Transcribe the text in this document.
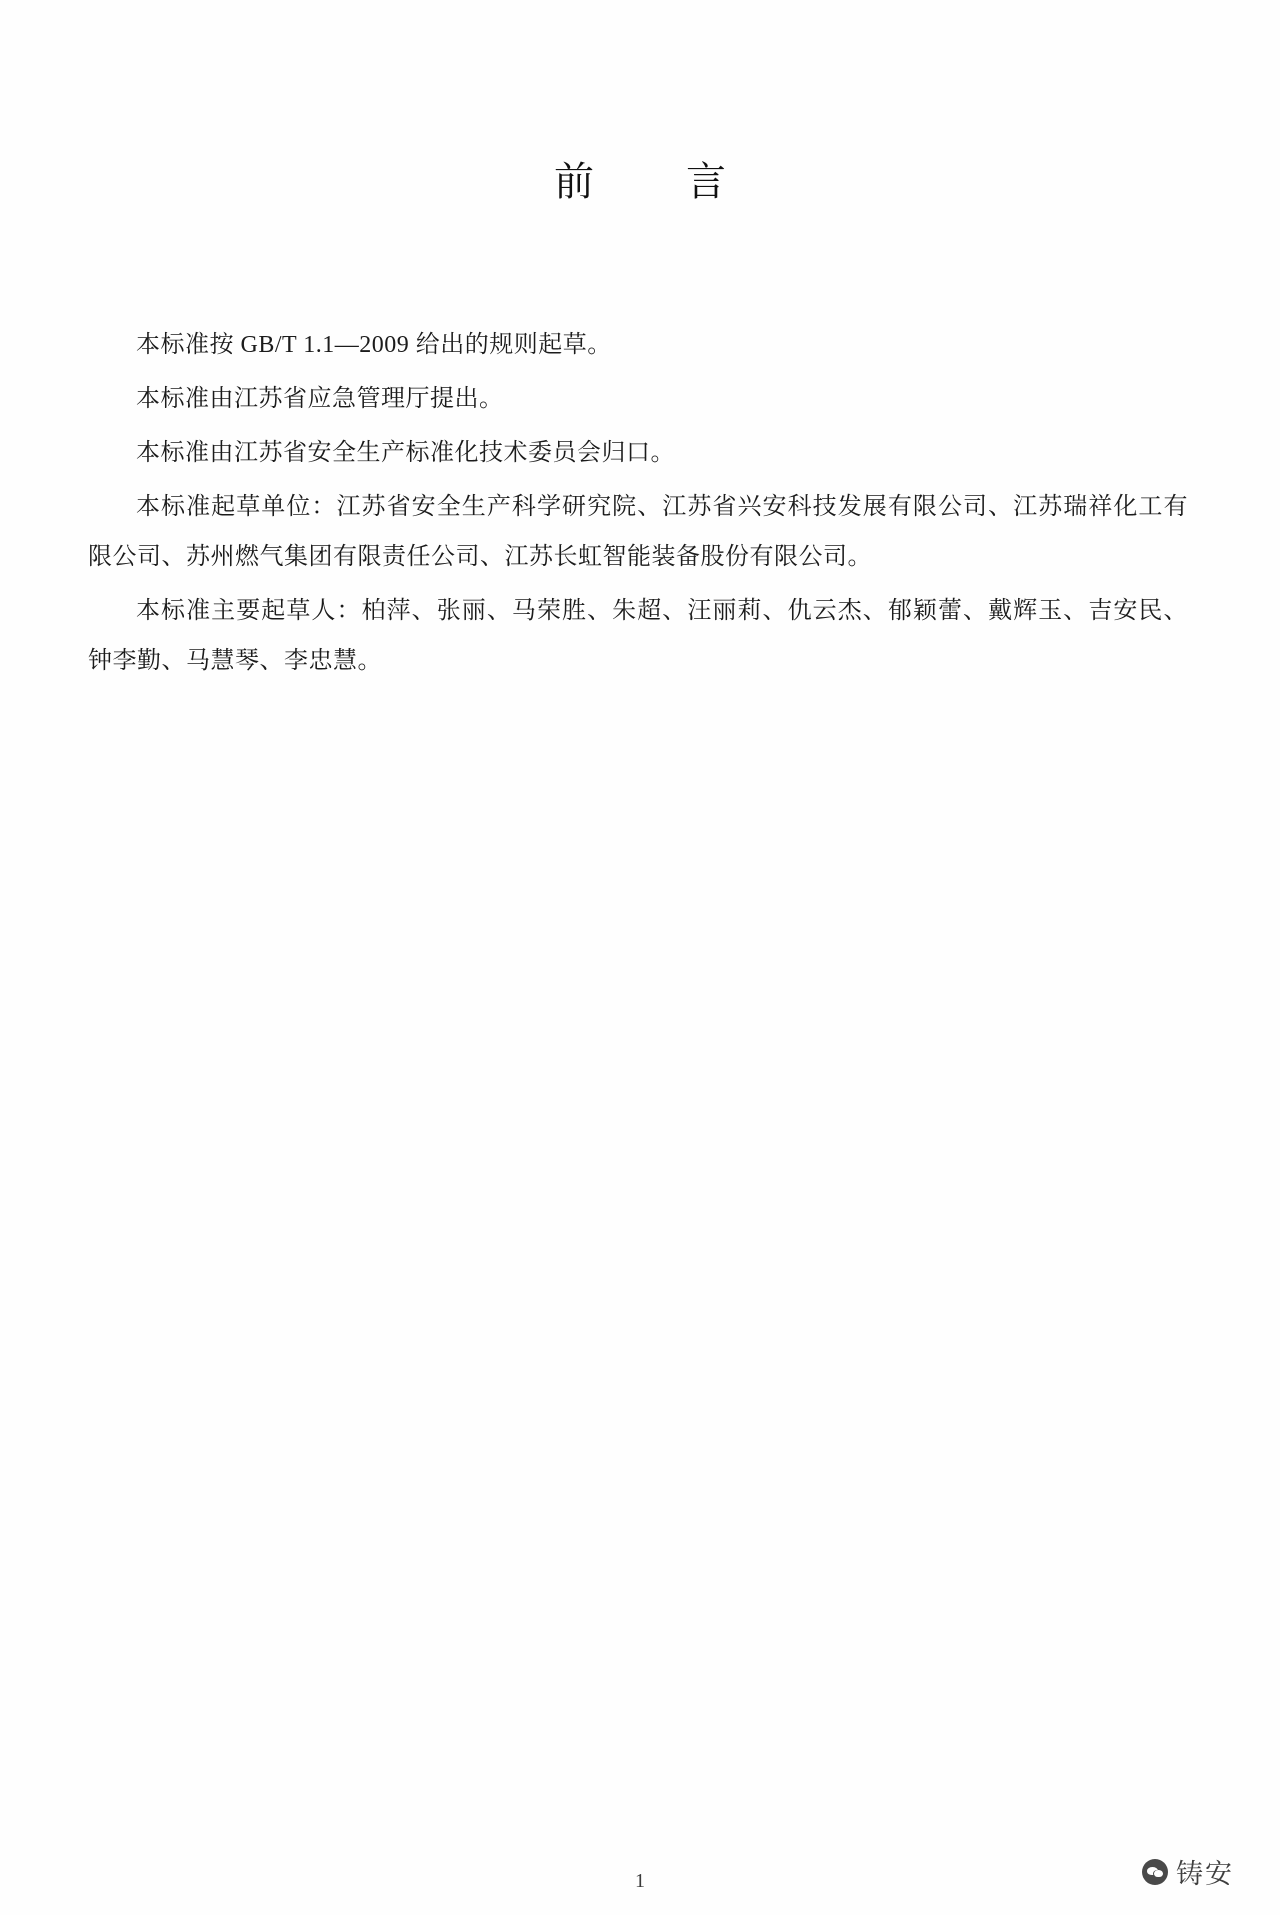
前　言

本标准按 GB/T 1.1—2009 给出的规则起草。

本标准由江苏省应急管理厅提出。

本标准由江苏省安全生产标准化技术委员会归口。

本标准起草单位：江苏省安全生产科学研究院、江苏省兴安科技发展有限公司、江苏瑞祥化工有限公司、苏州燃气集团有限责任公司、江苏长虹智能装备股份有限公司。

本标准主要起草人：柏萍、张丽、马荣胜、朱超、汪丽莉、仇云杰、郁颖蕾、戴辉玉、吉安民、钟李勤、马慧琴、李忠慧。

1	铸安
